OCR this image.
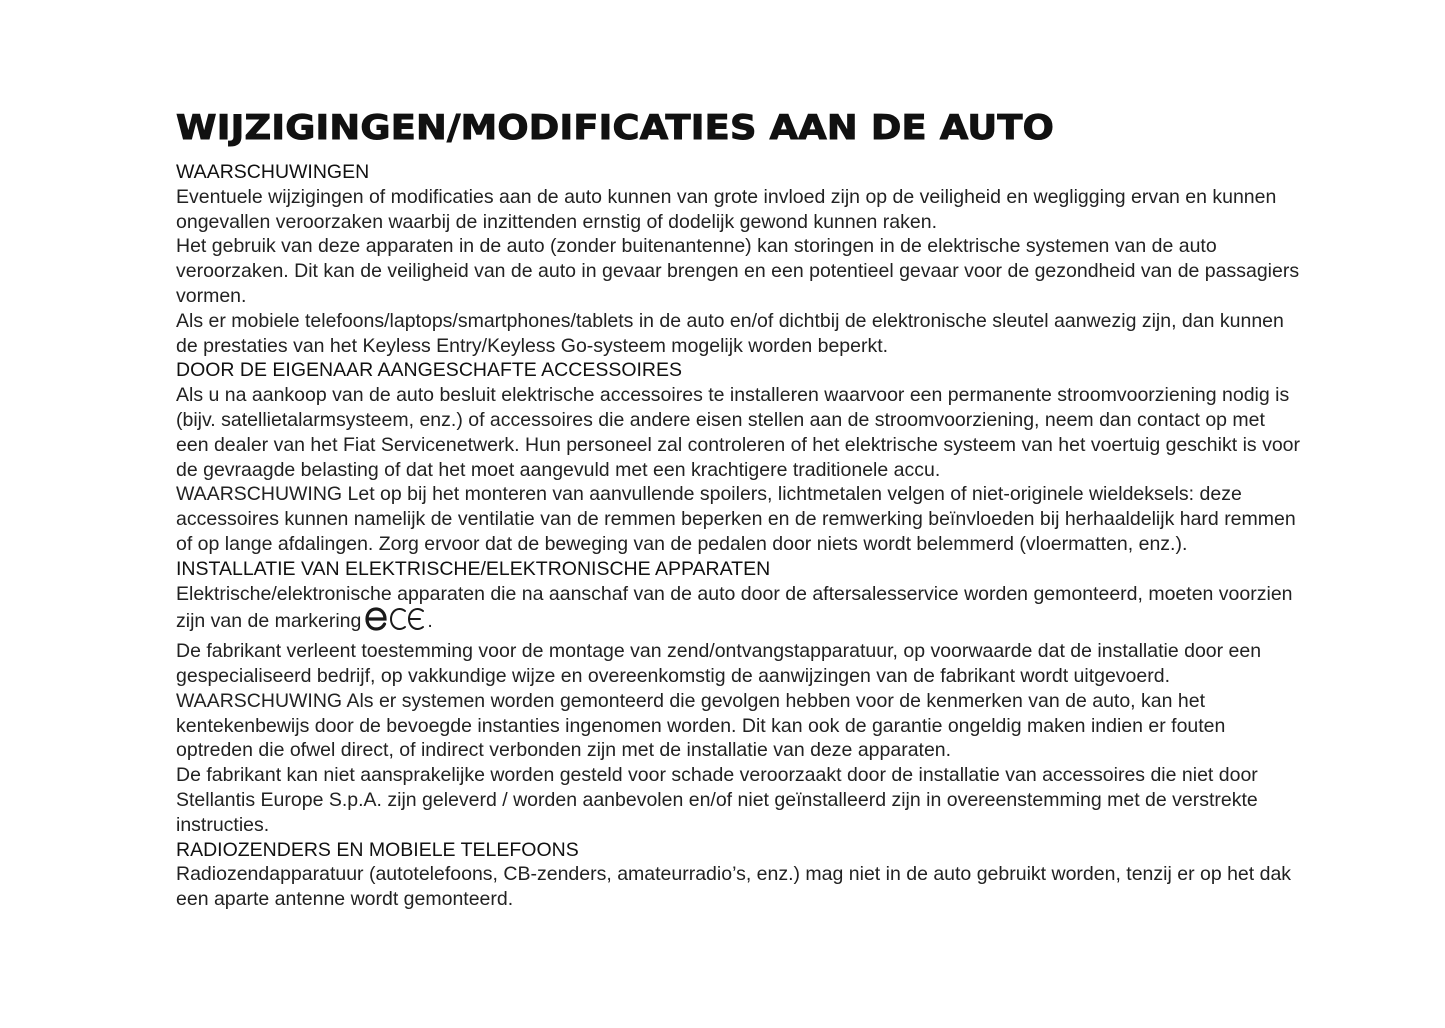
WIJZIGINGEN/MODIFICATIES AAN DE AUTO

WAARSCHUWINGEN

Eventuele wijzigingen of modificaties aan de auto kunnen van grote invloed zijn op de veiligheid en wegligging ervan en kunnen ongevallen veroorzaken waarbij de inzittenden ernstig of dodelijk gewond kunnen raken.

Het gebruik van deze apparaten in de auto (zonder buitenantenne) kan storingen in de elektrische systemen van de auto veroorzaken. Dit kan de veiligheid van de auto in gevaar brengen en een potentieel gevaar voor de gezondheid van de passagiers vormen.

Als er mobiele telefoons/laptops/smartphones/tablets in de auto en/of dichtbij de elektronische sleutel aanwezig zijn, dan kunnen de prestaties van het Keyless Entry/Keyless Go-systeem mogelijk worden beperkt.

DOOR DE EIGENAAR AANGESCHAFTE ACCESSOIRES

Als u na aankoop van de auto besluit elektrische accessoires te installeren waarvoor een permanente stroomvoorziening nodig is (bijv. satellietalarmsysteem, enz.) of accessoires die andere eisen stellen aan de stroomvoorziening, neem dan contact op met een dealer van het Fiat Servicenetwerk. Hun personeel zal controleren of het elektrische systeem van het voertuig geschikt is voor de gevraagde belasting of dat het moet aangevuld met een krachtigere traditionele accu.

WAARSCHUWING Let op bij het monteren van aanvullende spoilers, lichtmetalen velgen of niet-originele wieldeksels: deze accessoires kunnen namelijk de ventilatie van de remmen beperken en de remwerking beïnvloeden bij herhaaldelijk hard remmen of op lange afdalingen. Zorg ervoor dat de beweging van de pedalen door niets wordt belemmerd (vloermatten, enz.).

INSTALLATIE VAN ELEKTRISCHE/ELEKTRONISCHE APPARATEN

Elektrische/elektronische apparaten die na aanschaf van de auto door de aftersalesservice worden gemonteerd, moeten voorzien zijn van de markering	.

De fabrikant verleent toestemming voor de montage van zend/ontvangstapparatuur, op voorwaarde dat de installatie door een gespecialiseerd bedrijf, op vakkundige wijze en overeenkomstig de aanwijzingen van de fabrikant wordt uitgevoerd.

WAARSCHUWING Als er systemen worden gemonteerd die gevolgen hebben voor de kenmerken van de auto, kan het kentekenbewijs door de bevoegde instanties ingenomen worden. Dit kan ook de garantie ongeldig maken indien er fouten optreden die ofwel direct, of indirect verbonden zijn met de installatie van deze apparaten.

De fabrikant kan niet aansprakelijke worden gesteld voor schade veroorzaakt door de installatie van accessoires die niet door Stellantis Europe S.p.A. zijn geleverd / worden aanbevolen en/of niet geïnstalleerd zijn in overeenstemming met de verstrekte instructies.

RADIOZENDERS EN MOBIELE TELEFOONS

Radiozendapparatuur (autotelefoons, CB-zenders, amateurradio’s, enz.) mag niet in de auto gebruikt worden, tenzij er op het dak een aparte antenne wordt gemonteerd.
